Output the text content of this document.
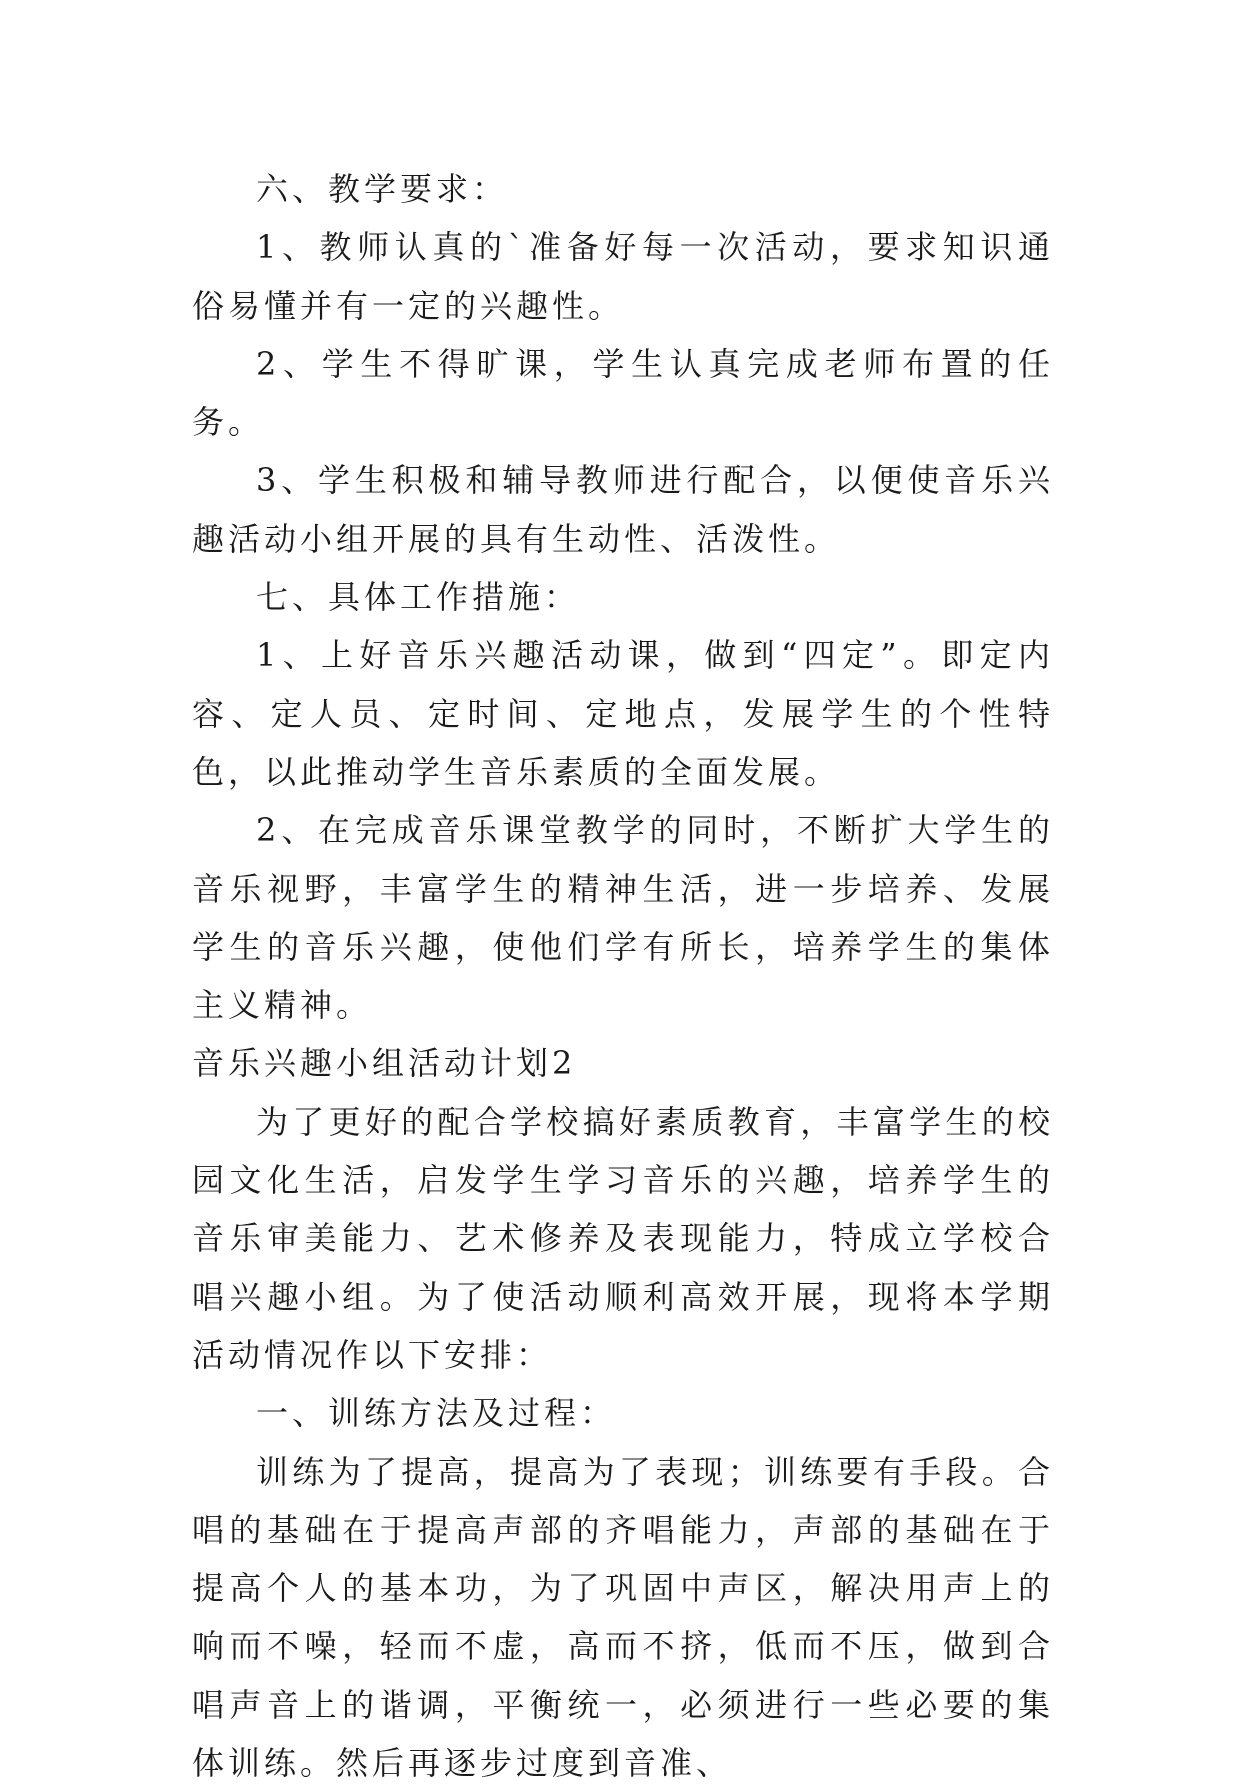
六、教学要求：

1、教师认真的`准备好每一次活动，要求知识通俗易懂并有一定的兴趣性。

2、学生不得旷课，学生认真完成老师布置的任务。

3、学生积极和辅导教师进行配合，以便使音乐兴趣活动小组开展的具有生动性、活泼性。

七、具体工作措施：

1、上好音乐兴趣活动课，做到“四定”。即定内容、定人员、定时间、定地点，发展学生的个性特色，以此推动学生音乐素质的全面发展。

2、在完成音乐课堂教学的同时，不断扩大学生的音乐视野，丰富学生的精神生活，进一步培养、发展学生的音乐兴趣，使他们学有所长，培养学生的集体主义精神。

音乐兴趣小组活动计划2

为了更好的配合学校搞好素质教育，丰富学生的校园文化生活，启发学生学习音乐的兴趣，培养学生的音乐审美能力、艺术修养及表现能力，特成立学校合唱兴趣小组。为了使活动顺利高效开展，现将本学期活动情况作以下安排：

一、训练方法及过程：

训练为了提高，提高为了表现；训练要有手段。合唱的基础在于提高声部的齐唱能力，声部的基础在于提高个人的基本功，为了巩固中声区，解决用声上的响而不噪，轻而不虚，高而不挤，低而不压，做到合唱声音上的谐调，平衡统一，必须进行一些必要的集体训练。然后再逐步过度到音准、
